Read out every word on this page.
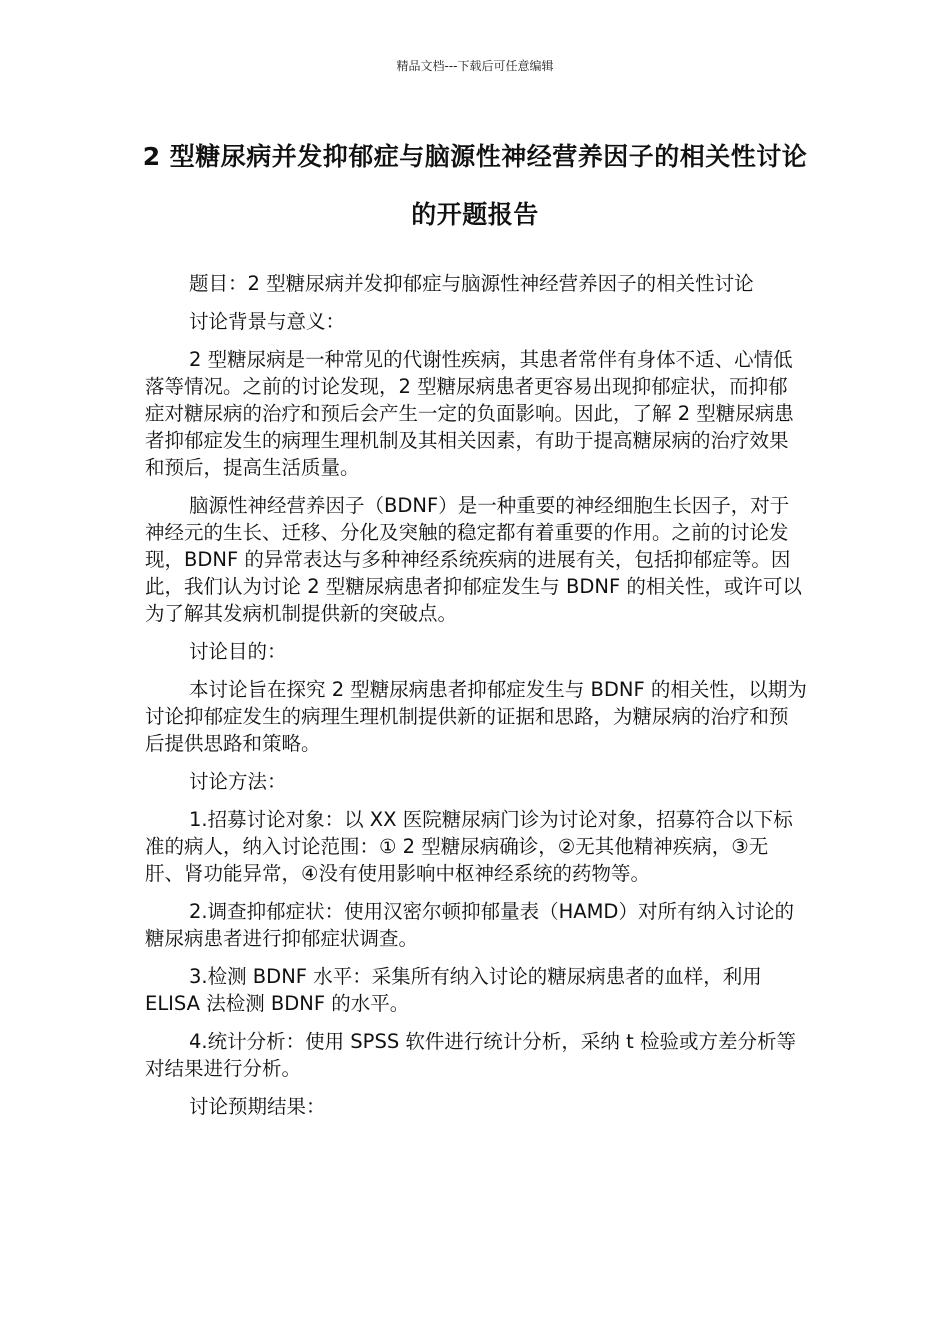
精品文档---下载后可任意编辑
2 型糖尿病并发抑郁症与脑源性神经营养因子的相关性讨论的开题报告

题目：2 型糖尿病并发抑郁症与脑源性神经营养因子的相关性讨论

讨论背景与意义：

2 型糖尿病是一种常见的代谢性疾病，其患者常伴有身体不适、心情低落等情况。之前的讨论发现，2 型糖尿病患者更容易出现抑郁症状，而抑郁症对糖尿病的治疗和预后会产生一定的负面影响。因此，了解 2 型糖尿病患者抑郁症发生的病理生理机制及其相关因素，有助于提高糖尿病的治疗效果和预后，提高生活质量。

脑源性神经营养因子（BDNF）是一种重要的神经细胞生长因子，对于神经元的生长、迁移、分化及突触的稳定都有着重要的作用。之前的讨论发现，BDNF 的异常表达与多种神经系统疾病的进展有关，包括抑郁症等。因此，我们认为讨论 2 型糖尿病患者抑郁症发生与 BDNF 的相关性，或许可以为了解其发病机制提供新的突破点。

讨论目的：

本讨论旨在探究 2 型糖尿病患者抑郁症发生与 BDNF 的相关性，以期为讨论抑郁症发生的病理生理机制提供新的证据和思路，为糖尿病的治疗和预后提供思路和策略。

讨论方法：

1.招募讨论对象：以 XX 医院糖尿病门诊为讨论对象，招募符合以下标准的病人，纳入讨论范围：① 2 型糖尿病确诊，②无其他精神疾病，③无肝、肾功能异常，④没有使用影响中枢神经系统的药物等。

2.调查抑郁症状：使用汉密尔顿抑郁量表（HAMD）对所有纳入讨论的糖尿病患者进行抑郁症状调查。

3.检测 BDNF 水平：采集所有纳入讨论的糖尿病患者的血样，利用 ELISA 法检测 BDNF 的水平。

4.统计分析：使用 SPSS 软件进行统计分析，采纳 t 检验或方差分析等对结果进行分析。

讨论预期结果：
